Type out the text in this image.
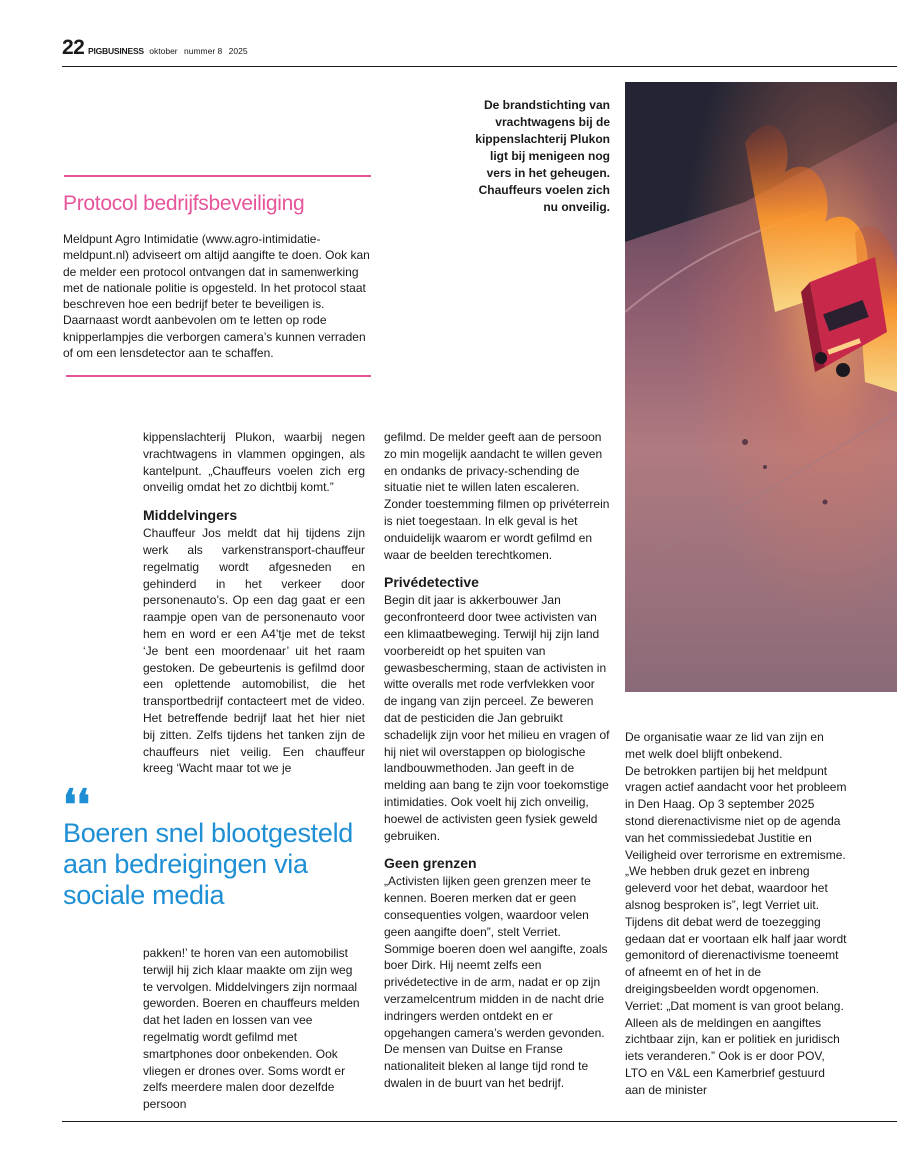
22 PIGBUSINESS oktober nummer 8 2025
De brandstichting van vrachtwagens bij de kippenslachterij Plukon ligt bij menigeen nog vers in het geheugen. Chauffeurs voelen zich nu onveilig.
Protocol bedrijfsbeveiliging
Meldpunt Agro Intimidatie (www.agro-intimidatie-meldpunt.nl) adviseert om altijd aangifte te doen. Ook kan de melder een protocol ontvangen dat in samenwerking met de nationale politie is opgesteld. In het protocol staat beschreven hoe een bedrijf beter te beveiligen is. Daarnaast wordt aanbevolen om te letten op rode knipperlampjes die verborgen camera’s kunnen verraden of om een lensdetector aan te schaffen.

kippenslachterij Plukon, waarbij negen vrachtwagens in vlammen opgingen, als kantelpunt. „Chauffeurs voelen zich erg onveilig omdat het zo dichtbij komt.”

Middelvingers

Chauffeur Jos meldt dat hij tijdens zijn werk als varkenstransport-chauffeur regelmatig wordt afgesneden en gehinderd in het verkeer door personenauto’s. Op een dag gaat er een raampje open van de personenauto voor hem en word er een A4’tje met de tekst ‘Je bent een moordenaar’ uit het raam gestoken. De gebeurtenis is gefilmd door een oplettende automobilist, die het transportbedrijf contacteert met de video. Het betreffende bedrijf laat het hier niet bij zitten. Zelfs tijdens het tanken zijn de chauffeurs niet veilig. Een chauffeur kreeg ‘Wacht maar tot we je

❛❛
Boeren snel blootgesteld aan bedreigingen via sociale media

pakken!’ te horen van een automobilist terwijl hij zich klaar maakte om zijn weg te vervolgen. Middelvingers zijn normaal geworden. Boeren en chauffeurs melden dat het laden en lossen van vee regelmatig wordt gefilmd met smartphones door onbekenden. Ook vliegen er drones over. Soms wordt er zelfs meerdere malen door dezelfde persoon

gefilmd. De melder geeft aan de persoon zo min mogelijk aandacht te willen geven en ondanks de privacy-schending de situatie niet te willen laten escaleren. Zonder toestemming filmen op privéterrein is niet toegestaan. In elk geval is het onduidelijk waarom er wordt gefilmd en waar de beelden terechtkomen.

Privédetective

Begin dit jaar is akkerbouwer Jan geconfronteerd door twee activisten van een klimaatbeweging. Terwijl hij zijn land voorbereidt op het spuiten van gewasbescherming, staan de activisten in witte overalls met rode verfvlekken voor de ingang van zijn perceel. Ze beweren dat de pesticiden die Jan gebruikt schadelijk zijn voor het milieu en vragen of hij niet wil overstappen op biologische landbouwmethoden. Jan geeft in de melding aan bang te zijn voor toekomstige intimidaties. Ook voelt hij zich onveilig, hoewel de activisten geen fysiek geweld gebruiken.

Geen grenzen

„Activisten lijken geen grenzen meer te kennen. Boeren merken dat er geen consequenties volgen, waardoor velen geen aangifte doen”, stelt Verriet. Sommige boeren doen wel aangifte, zoals boer Dirk. Hij neemt zelfs een privédetective in de arm, nadat er op zijn verzamelcentrum midden in de nacht drie indringers werden ontdekt en er opgehangen camera’s werden gevonden. De mensen van Duitse en Franse nationaliteit bleken al lange tijd rond te dwalen in de buurt van het bedrijf.

De organisatie waar ze lid van zijn en met welk doel blijft onbekend.

De betrokken partijen bij het meldpunt vragen actief aandacht voor het probleem in Den Haag. Op 3 september 2025 stond dierenactivisme niet op de agenda van het commissiedebat Justitie en Veiligheid over terrorisme en extremisme. „We hebben druk gezet en inbreng geleverd voor het debat, waardoor het alsnog besproken is”, legt Verriet uit. Tijdens dit debat werd de toezegging gedaan dat er voortaan elk half jaar wordt gemonitord of dierenactivisme toeneemt of afneemt en of het in de dreigingsbeelden wordt opgenomen. Verriet: „Dat moment is van groot belang. Alleen als de meldingen en aangiftes zichtbaar zijn, kan er politiek en juridisch iets veranderen.” Ook is er door POV, LTO en V&L een Kamerbrief gestuurd aan de minister
